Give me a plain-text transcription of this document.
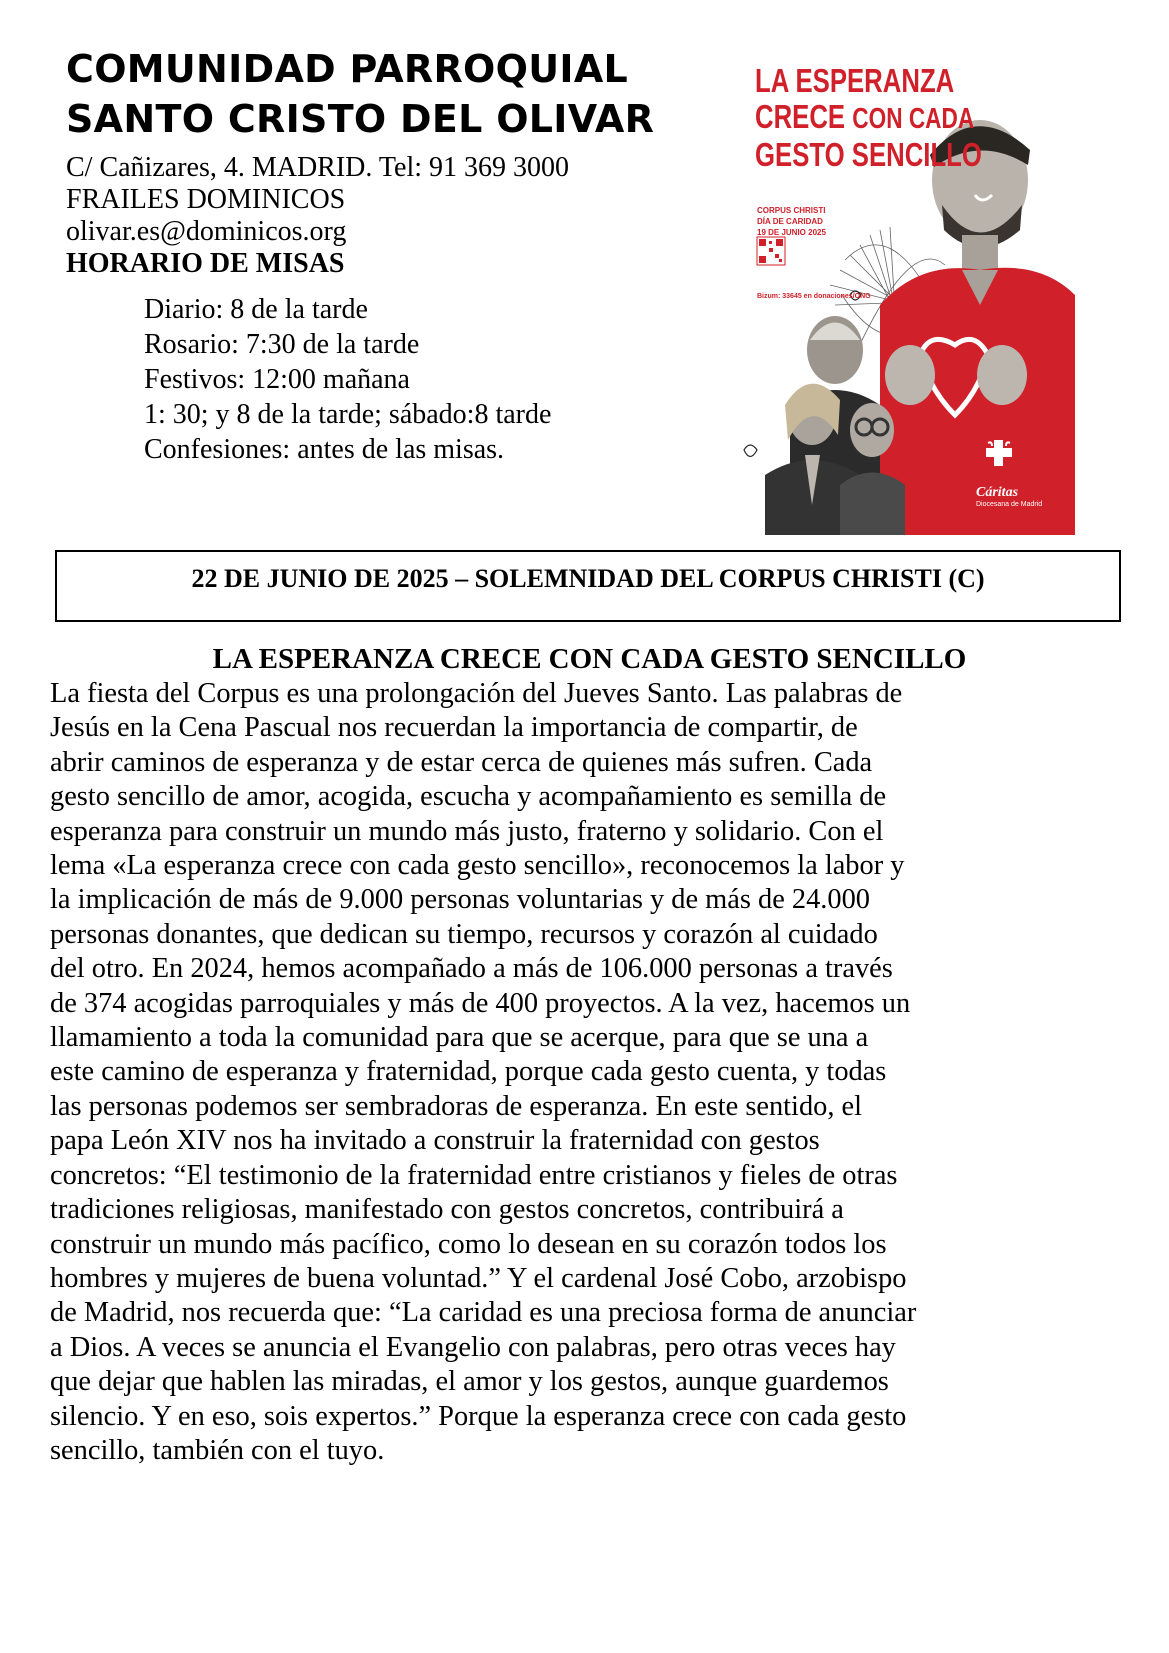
COMUNIDAD PARROQUIAL
SANTO CRISTO DEL OLIVAR
C/ Cañizares, 4. MADRID. Tel: 91 369 3000
FRAILES DOMINICOS
olivar.es@dominicos.org
HORARIO DE MISAS
Diario: 8 de la tarde
Rosario: 7:30 de la tarde
Festivos: 12:00 mañana
1: 30; y 8 de la tarde; sábado:8 tarde
Confesiones: antes de las misas.
LA ESPERANZA
CRECE CON CADA
GESTO SENCILLO
CORPUS CHRISTI
DÍA DE CARIDAD
19 DE JUNIO 2025
Bizum: 33645 en donaciones/ONG
Cáritas
Diocesana de Madrid
22 DE JUNIO DE 2025 – SOLEMNIDAD DEL CORPUS CHRISTI (C)
LA ESPERANZA CRECE CON CADA GESTO SENCILLO
La fiesta del Corpus es una prolongación del Jueves Santo. Las palabras de
Jesús en la Cena Pascual nos recuerdan la importancia de compartir, de
abrir caminos de esperanza y de estar cerca de quienes más sufren. Cada
gesto sencillo de amor, acogida, escucha y acompañamiento es semilla de
esperanza para construir un mundo más justo, fraterno y solidario. Con el
lema «La esperanza crece con cada gesto sencillo», reconocemos la labor y
la implicación de más de 9.000 personas voluntarias y de más de 24.000
personas donantes, que dedican su tiempo, recursos y corazón al cuidado
del otro. En 2024, hemos acompañado a más de 106.000 personas a través
de 374 acogidas parroquiales y más de 400 proyectos. A la vez, hacemos un
llamamiento a toda la comunidad para que se acerque, para que se una a
este camino de esperanza y fraternidad, porque cada gesto cuenta, y todas
las personas podemos ser sembradoras de esperanza. En este sentido, el
papa León XIV nos ha invitado a construir la fraternidad con gestos
concretos: “El testimonio de la fraternidad entre cristianos y fieles de otras
tradiciones religiosas, manifestado con gestos concretos, contribuirá a
construir un mundo más pacífico, como lo desean en su corazón todos los
hombres y mujeres de buena voluntad.” Y el cardenal José Cobo, arzobispo
de Madrid, nos recuerda que: “La caridad es una preciosa forma de anunciar
a Dios. A veces se anuncia el Evangelio con palabras, pero otras veces hay
que dejar que hablen las miradas, el amor y los gestos, aunque guardemos
silencio. Y en eso, sois expertos.” Porque la esperanza crece con cada gesto
sencillo, también con el tuyo.
